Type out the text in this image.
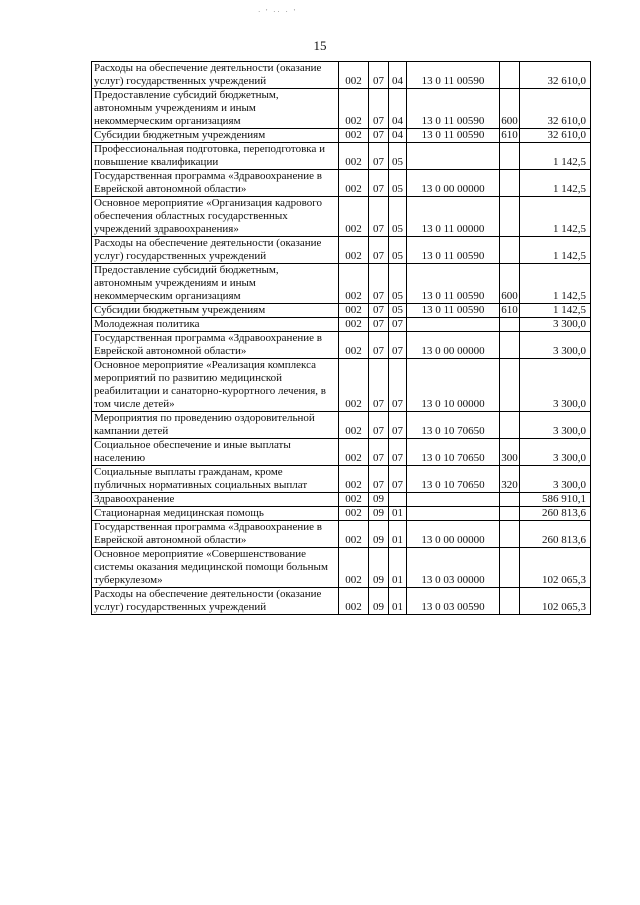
· ' ·· · '
15
Расходы на обеспечение деятельности (оказание услуг) государственных учреждений	002	07	04	13 0 11 00590		32 610,0
Предоставление субсидий бюджетным, автономным учреждениям и иным некоммерческим организациям	002	07	04	13 0 11 00590	600	32 610,0
Субсидии бюджетным учреждениям	002	07	04	13 0 11 00590	610	32 610,0
Профессиональная подготовка, переподготовка и повышение квалификации	002	07	05			1 142,5
Государственная программа «Здравоохранение в Еврейской автономной области»	002	07	05	13 0 00 00000		1 142,5
Основное мероприятие «Организация кадрового обеспечения областных государственных учреждений здравоохранения»	002	07	05	13 0 11 00000		1 142,5
Расходы на обеспечение деятельности (оказание услуг) государственных учреждений	002	07	05	13 0 11 00590		1 142,5
Предоставление субсидий бюджетным, автономным учреждениям и иным некоммерческим организациям	002	07	05	13 0 11 00590	600	1 142,5
Субсидии бюджетным учреждениям	002	07	05	13 0 11 00590	610	1 142,5
Молодежная политика	002	07	07			3 300,0
Государственная программа «Здравоохранение в Еврейской автономной области»	002	07	07	13 0 00 00000		3 300,0
Основное мероприятие «Реализация комплекса мероприятий по развитию медицинской реабилитации и санаторно-курортного лечения, в том числе детей»	002	07	07	13 0 10 00000		3 300,0
Мероприятия по проведению оздоровительной кампании детей	002	07	07	13 0 10 70650		3 300,0
Социальное обеспечение и иные выплаты населению	002	07	07	13 0 10 70650	300	3 300,0
Социальные выплаты гражданам, кроме публичных нормативных социальных выплат	002	07	07	13 0 10 70650	320	3 300,0
Здравоохранение	002	09				586 910,1
Стационарная медицинская помощь	002	09	01			260 813,6
Государственная программа «Здравоохранение в Еврейской автономной области»	002	09	01	13 0 00 00000		260 813,6
Основное мероприятие «Совершенствование системы оказания медицинской помощи больным туберкулезом»	002	09	01	13 0 03 00000		102 065,3
Расходы на обеспечение деятельности (оказание услуг) государственных учреждений	002	09	01	13 0 03 00590		102 065,3
